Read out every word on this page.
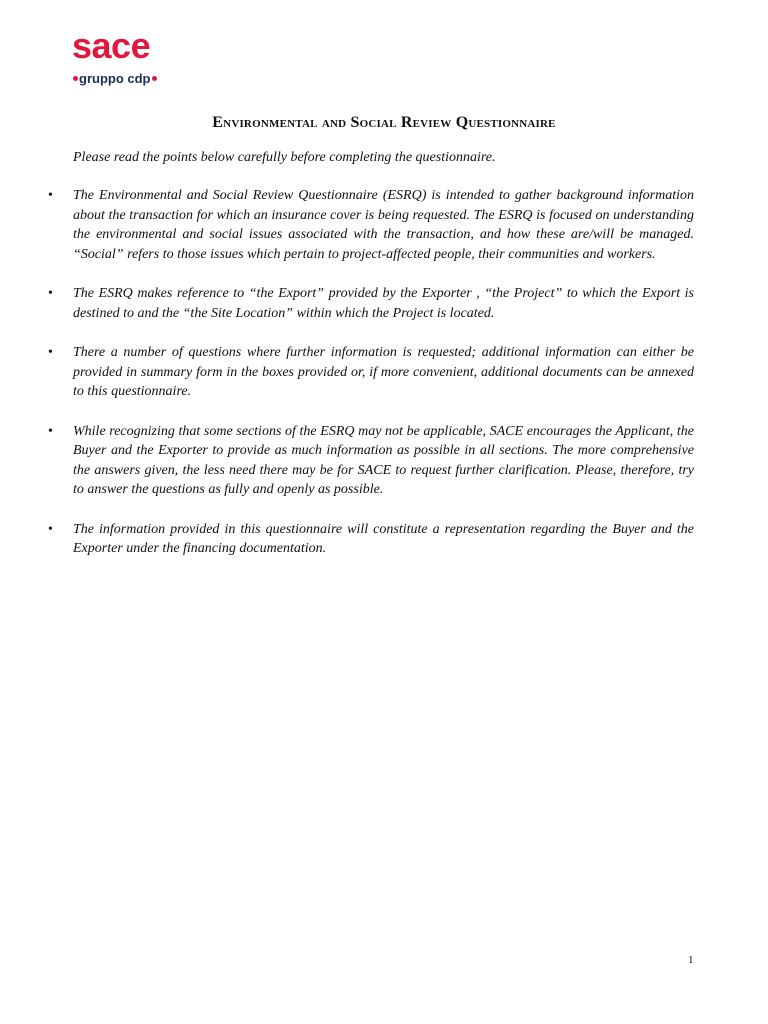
sace
gruppo cdp
Environmental and Social Review Questionnaire
Please read the points below carefully before completing the questionnaire.
• The Environmental and Social Review Questionnaire (ESRQ) is intended to gather background information about the transaction for which an insurance cover is being requested. The ESRQ is focused on understanding the environmental and social issues associated with the transaction, and how these are/will be managed. “Social” refers to those issues which pertain to project-affected people, their communities and workers.
• The ESRQ makes reference to “the Export” provided by the Exporter , “the Project” to which the Export is destined to and the “the Site Location” within which the Project is located.
• There a number of questions where further information is requested; additional information can either be provided in summary form in the boxes provided or, if more convenient, additional documents can be annexed to this questionnaire.
• While recognizing that some sections of the ESRQ may not be applicable, SACE encourages the Applicant, the Buyer and the Exporter to provide as much information as possible in all sections. The more comprehensive the answers given, the less need there may be for SACE to request further clarification. Please, therefore, try to answer the questions as fully and openly as possible.
• The information provided in this questionnaire will constitute a representation regarding the Buyer and the Exporter under the financing documentation.
1
